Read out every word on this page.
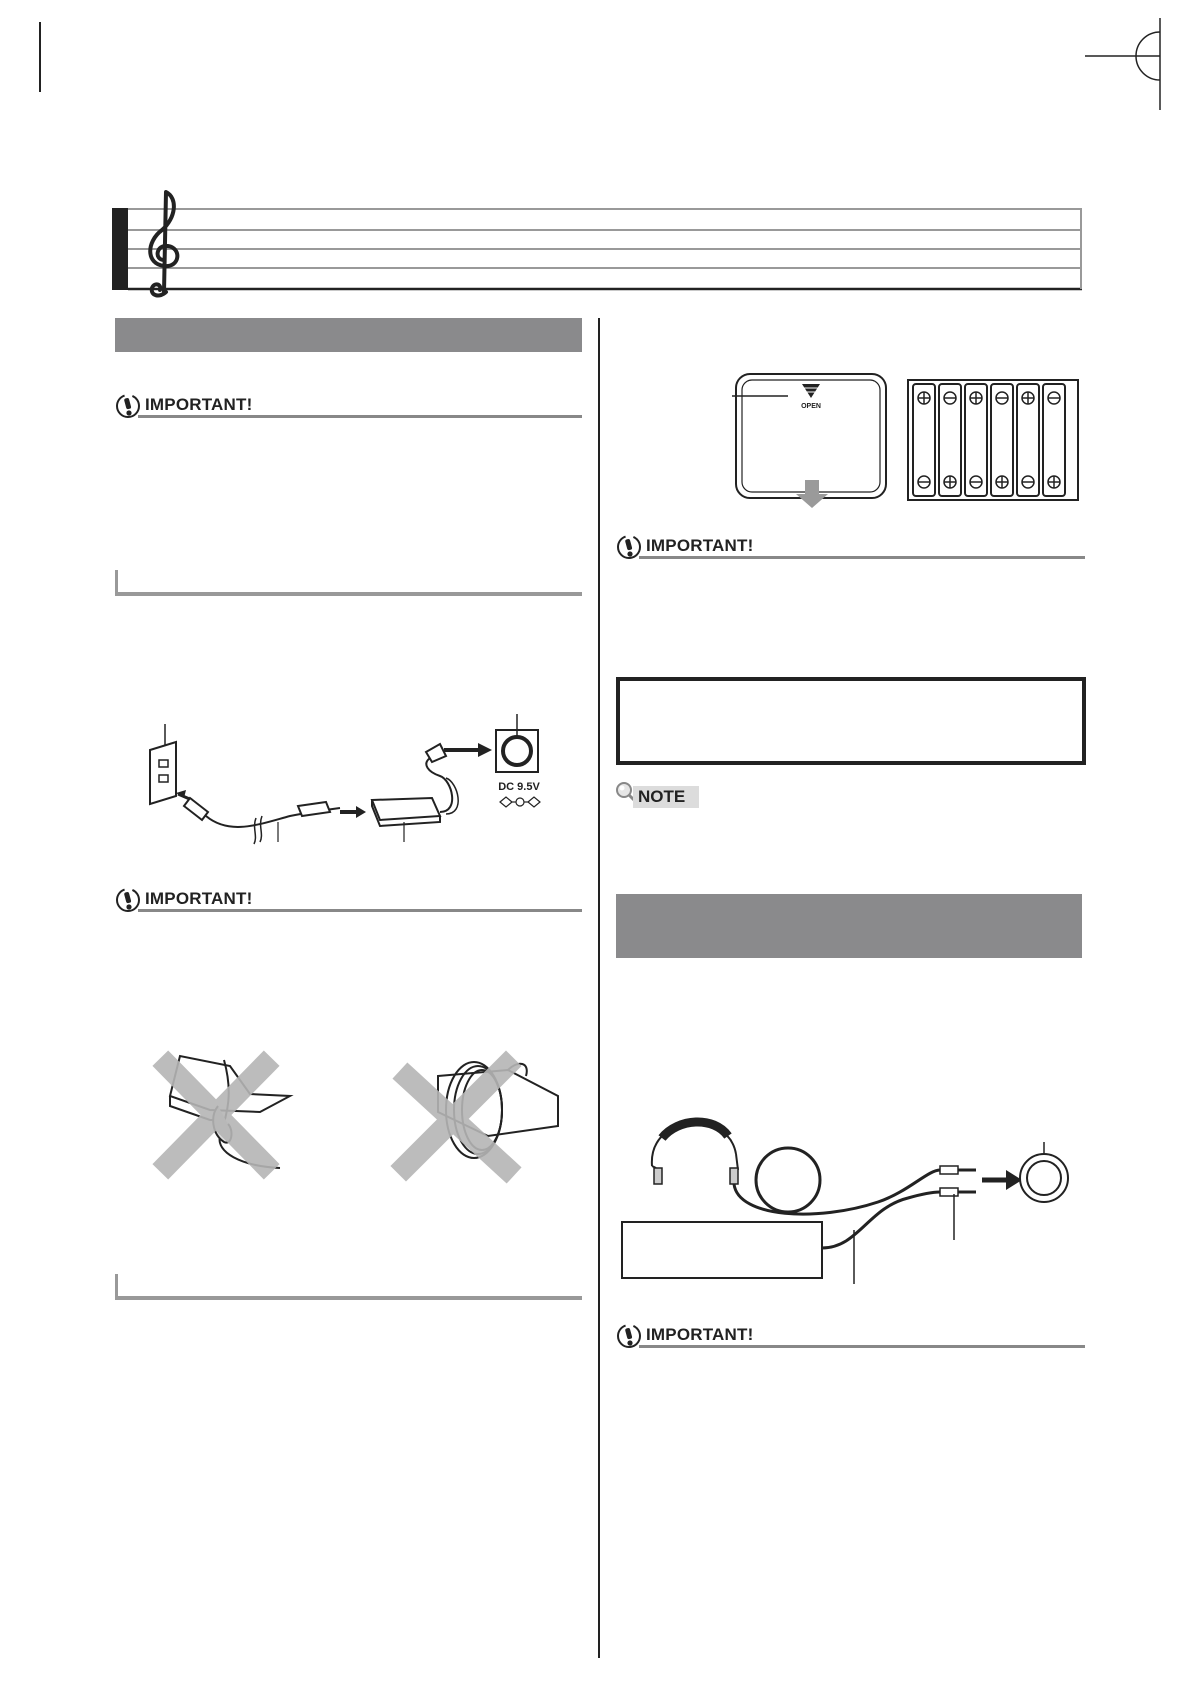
IMPORTANT!
DC 9.5V
IMPORTANT!
OPEN
IMPORTANT!
NOTE
IMPORTANT!
